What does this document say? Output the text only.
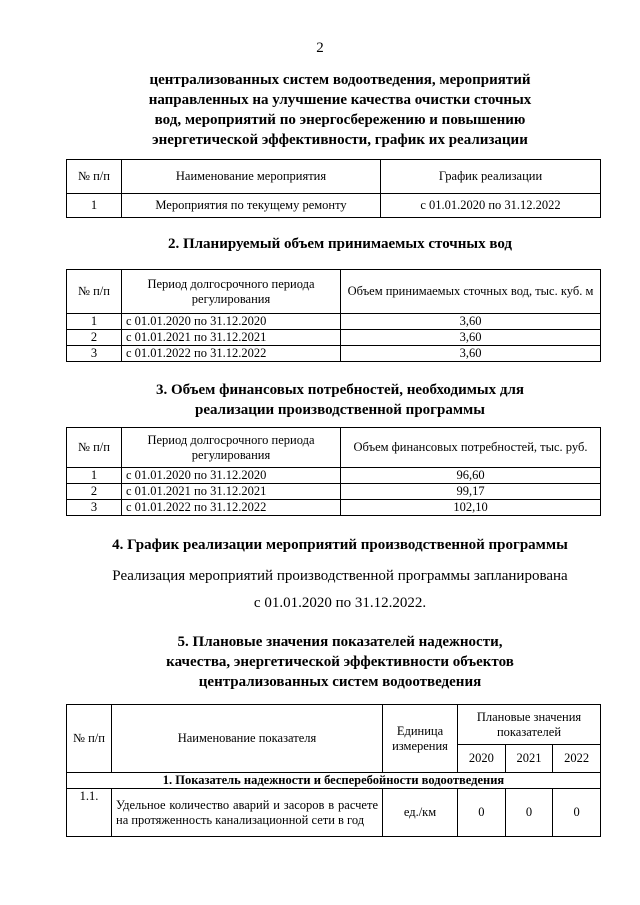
2
централизованных систем водоотведения, мероприятий
направленных на улучшение качества очистки сточных
вод, мероприятий по энергосбережению и повышению
энергетической эффективности, график их реализации
№ п/п	Наименование мероприятия	График реализации
1	Мероприятия по текущему ремонту	с 01.01.2020 по 31.12.2022
2. Планируемый объем принимаемых сточных вод
№ п/п	Период долгосрочного периода регулирования	Объем принимаемых сточных вод, тыс. куб. м
1	с 01.01.2020 по 31.12.2020	3,60
2	с 01.01.2021 по 31.12.2021	3,60
3	с 01.01.2022 по 31.12.2022	3,60
3. Объем финансовых потребностей, необходимых для
реализации производственной программы
№ п/п	Период долгосрочного периода регулирования	Объем финансовых потребностей, тыс. руб.
1	с 01.01.2020 по 31.12.2020	96,60
2	с 01.01.2021 по 31.12.2021	99,17
3	с 01.01.2022 по 31.12.2022	102,10
4. График реализации мероприятий производственной программы
Реализация мероприятий производственной программы запланирована
с 01.01.2020 по 31.12.2022.
5. Плановые значения показателей надежности,
качества, энергетической эффективности объектов
централизованных систем водоотведения
№ п/п	Наименование показателя	Единица измерения	Плановые значения показателей		
			2020	2021	2022
1. Показатель надежности и бесперебойности водоотведения					
1.1.	Удельное количество аварий и засоров в расчете на протяженность канализационной сети в год	ед./км	0	0	0
